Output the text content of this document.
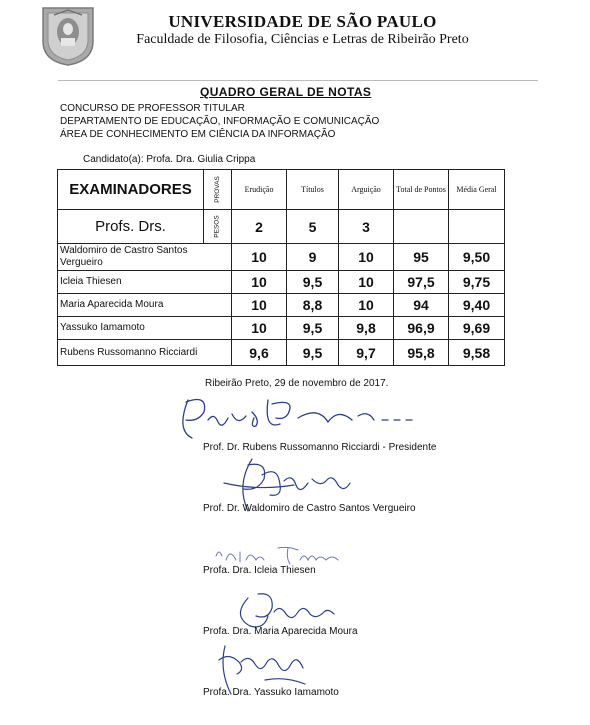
UNIVERSIDADE DE SÃO PAULO
Faculdade de Filosofia, Ciências e Letras de Ribeirão Preto
QUADRO GERAL DE NOTAS
CONCURSO DE PROFESSOR TITULAR
DEPARTAMENTO DE EDUCAÇÃO, INFORMAÇÃO E COMUNICAÇÃO
ÁREA DE CONHECIMENTO EM CIÊNCIA DA INFORMAÇÃO
Candidato(a): Profa. Dra. Giulia Crippa
EXAMINADORES	PROVAS	Erudição	Títulos	Arguição	Total de Pontos	Média Geral
Profs. Drs.	PESOS	2	5	3		
Waldomiro de Castro Santos Vergueiro		10	9	10	95	9,50
Icleia Thiesen		10	9,5	10	97,5	9,75
Maria Aparecida Moura		10	8,8	10	94	9,40
Yassuko Iamamoto		10	9,5	9,8	96,9	9,69
Rubens Russomanno Ricciardi		9,6	9,5	9,7	95,8	9,58
Ribeirão Preto, 29 de novembro de 2017.
Prof. Dr. Rubens Russomanno Ricciardi - Presidente
Prof. Dr. Waldomiro de Castro Santos Vergueiro
Profa. Dra. Icleia Thiesen
Profa. Dra. Maria Aparecida Moura
Profa. Dra. Yassuko Iamamoto
